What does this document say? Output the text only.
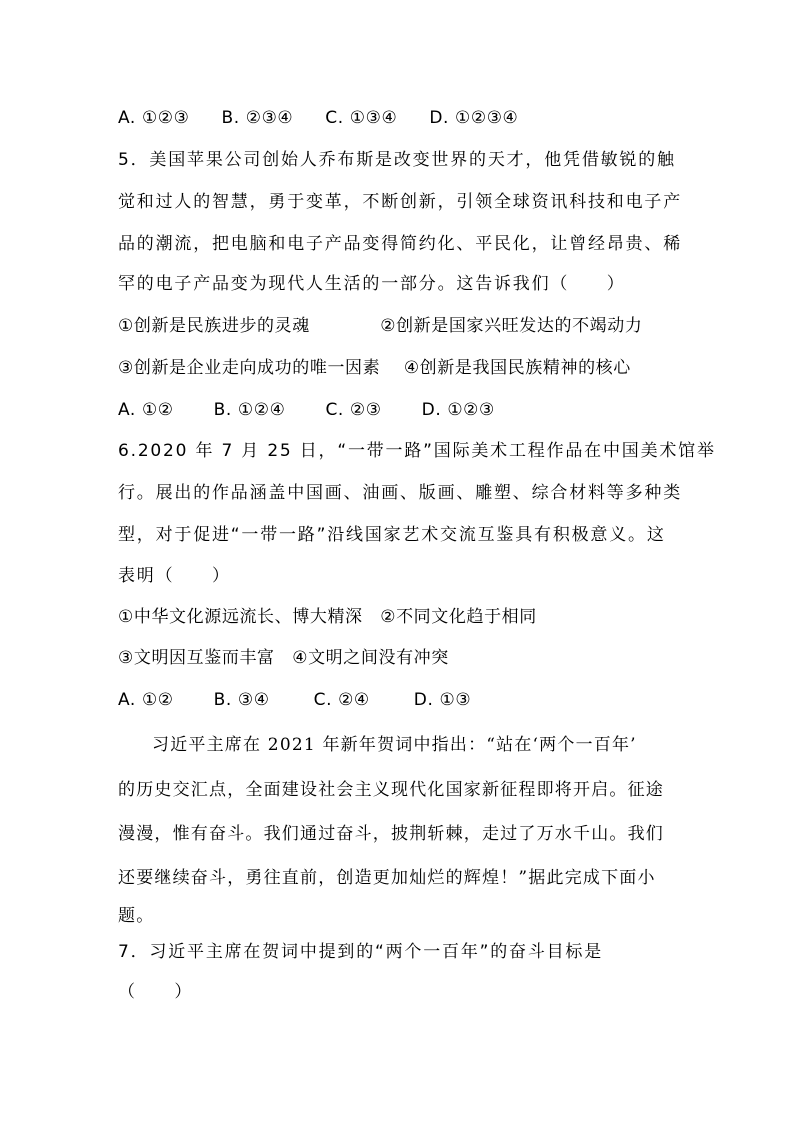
A. ①②③ B. ②③④ C. ①③④ D. ①②③④
5．美国苹果公司创始人乔布斯是改变世界的天才，他凭借敏锐的触
觉和过人的智慧，勇于变革，不断创新，引领全球资讯科技和电子产
品的潮流，把电脑和电子产品变得简约化、平民化，让曾经昂贵、稀
罕的电子产品变为现代人生活的一部分。这告诉我们（　　）
①创新是民族进步的灵魂　　　　②创新是国家兴旺发达的不竭动力
③创新是企业走向成功的唯一因素　 ④创新是我国民族精神的核心
A. ①② B. ①②④ C. ②③ D. ①②③
6.2020 年 7 月 25 日，“一带一路”国际美术工程作品在中国美术馆举
行。展出的作品涵盖中国画、油画、版画、雕塑、综合材料等多种类
型，对于促进“一带一路”沿线国家艺术交流互鉴具有积极意义。这
表明（　　）
①中华文化源远流长、博大精深　②不同文化趋于相同
③文明因互鉴而丰富　④文明之间没有冲突
A. ①② B. ③④	C. ②④	D. ①③
习近平主席在 2021 年新年贺词中指出：“站在‘两个一百年’
的历史交汇点，全面建设社会主义现代化国家新征程即将开启。征途
漫漫，惟有奋斗。我们通过奋斗，披荆斩棘，走过了万水千山。我们
还要继续奋斗，勇往直前，创造更加灿烂的辉煌！”据此完成下面小
题。
7．习近平主席在贺词中提到的“两个一百年”的奋斗目标是
（　　）
